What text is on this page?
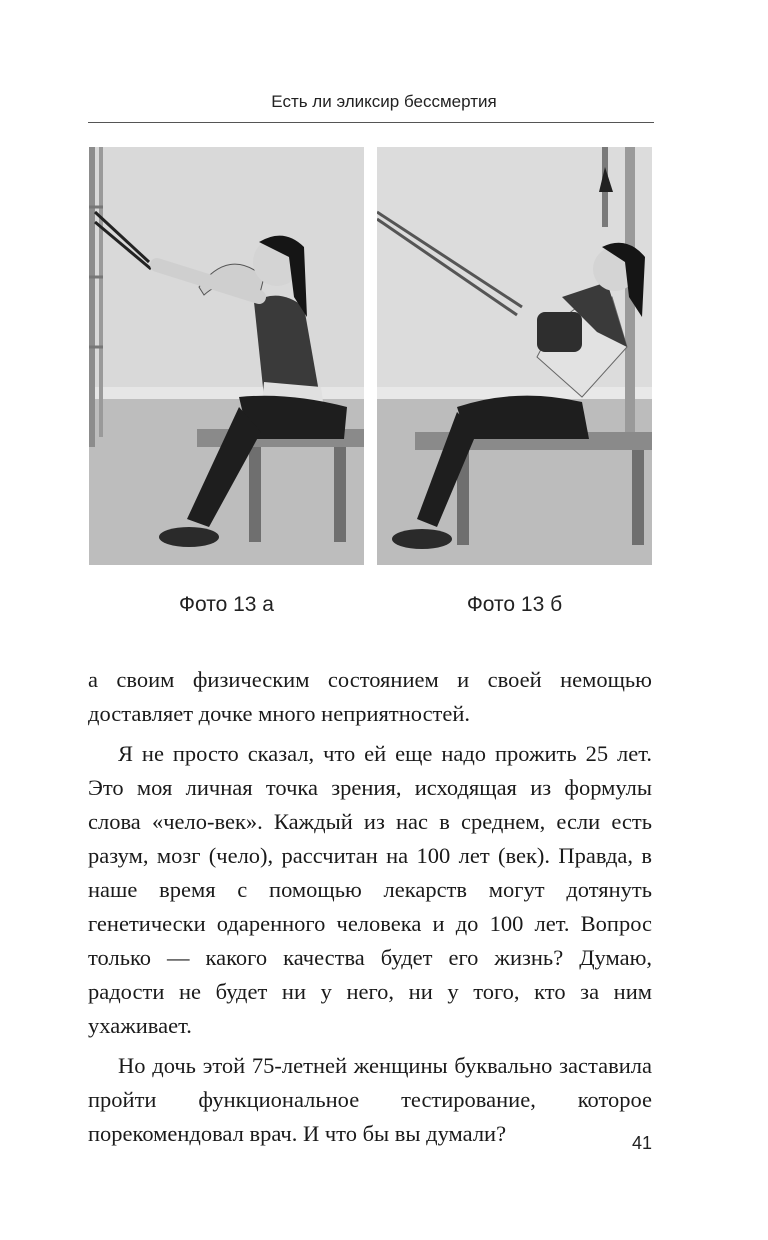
Есть ли эликсир бессмертия
Фото 13 а	Фото 13 б

а своим физическим состоянием и своей немощью доставляет дочке много неприятностей.

Я не просто сказал, что ей еще надо прожить 25 лет. Это моя личная точка зрения, исходящая из формулы слова «чело-век». Каждый из нас в среднем, если есть разум, мозг (чело), рассчитан на 100 лет (век). Правда, в наше время с помощью лекарств могут дотянуть генетически одаренного человека и до 100 лет. Вопрос только — какого качества будет его жизнь? Думаю, радости не будет ни у него, ни у того, кто за ним ухаживает.

Но дочь этой 75-летней женщины буквально заставила пройти функциональное тестирование, которое порекомендовал врач. И что бы вы думали?	41
